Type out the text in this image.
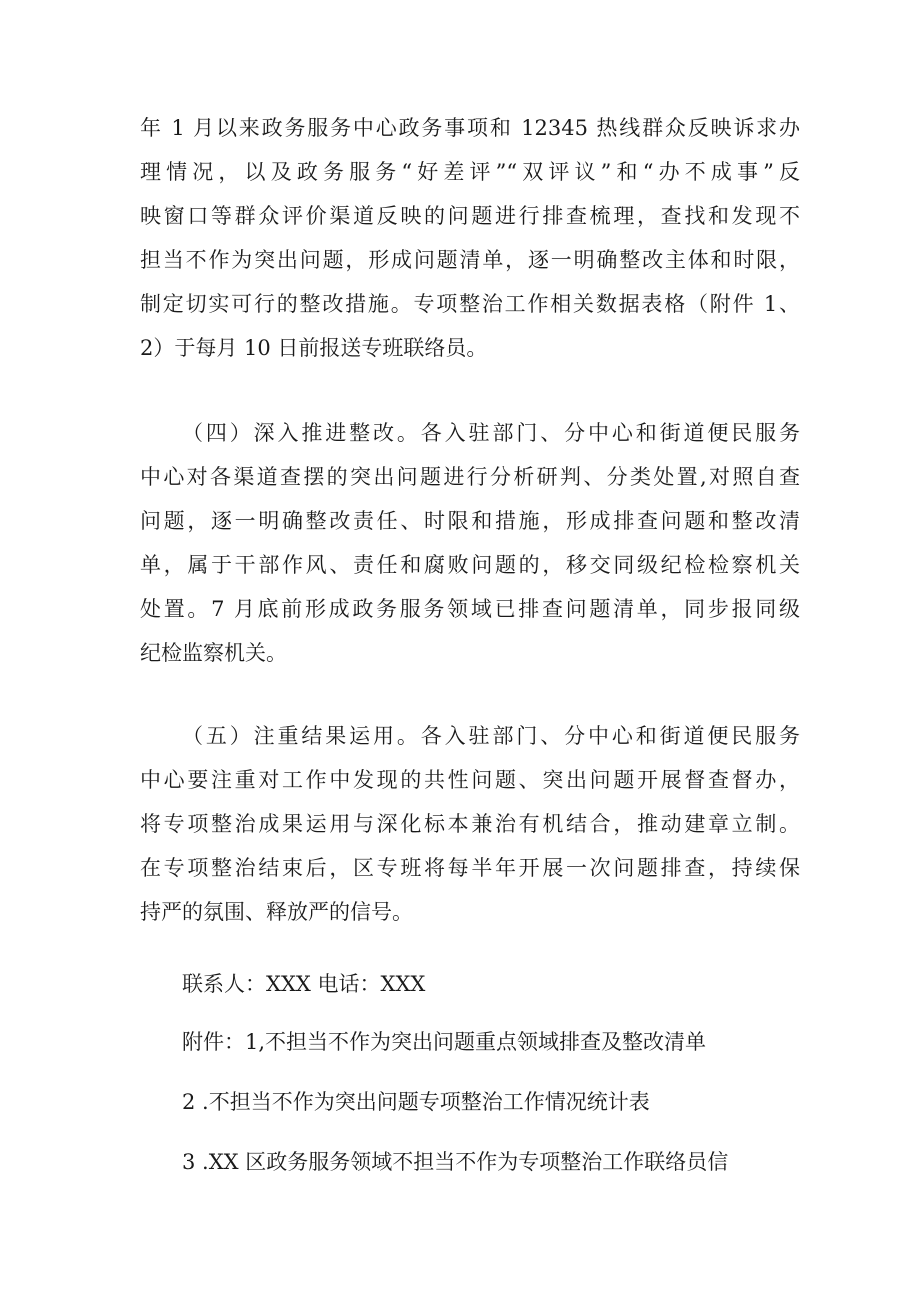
年 1 月以来政务服务中心政务事项和 12345 热线群众反映诉求办
理情况，以及政务服务“好差评”“双评议”和“办不成事”反
映窗口等群众评价渠道反映的问题进行排查梳理，查找和发现不
担当不作为突出问题，形成问题清单，逐一明确整改主体和时限，
制定切实可行的整改措施。专项整治工作相关数据表格（附件 1、
2）于每月 10 日前报送专班联络员。
（四）深入推进整改。各入驻部门、分中心和街道便民服务
中心对各渠道查摆的突出问题进行分析研判、分类处置,对照自查
问题，逐一明确整改责任、时限和措施，形成排查问题和整改清
单，属于干部作风、责任和腐败问题的，移交同级纪检检察机关
处置。7 月底前形成政务服务领域已排查问题清单，同步报同级
纪检监察机关。
（五）注重结果运用。各入驻部门、分中心和街道便民服务
中心要注重对工作中发现的共性问题、突出问题开展督查督办，
将专项整治成果运用与深化标本兼治有机结合，推动建章立制。
在专项整治结束后，区专班将每半年开展一次问题排查，持续保
持严的氛围、释放严的信号。
联系人：XXX 电话：XXX
附件：1,不担当不作为突出问题重点领域排查及整改清单
2 .不担当不作为突出问题专项整治工作情况统计表
3 .XX 区政务服务领域不担当不作为专项整治工作联络员信
